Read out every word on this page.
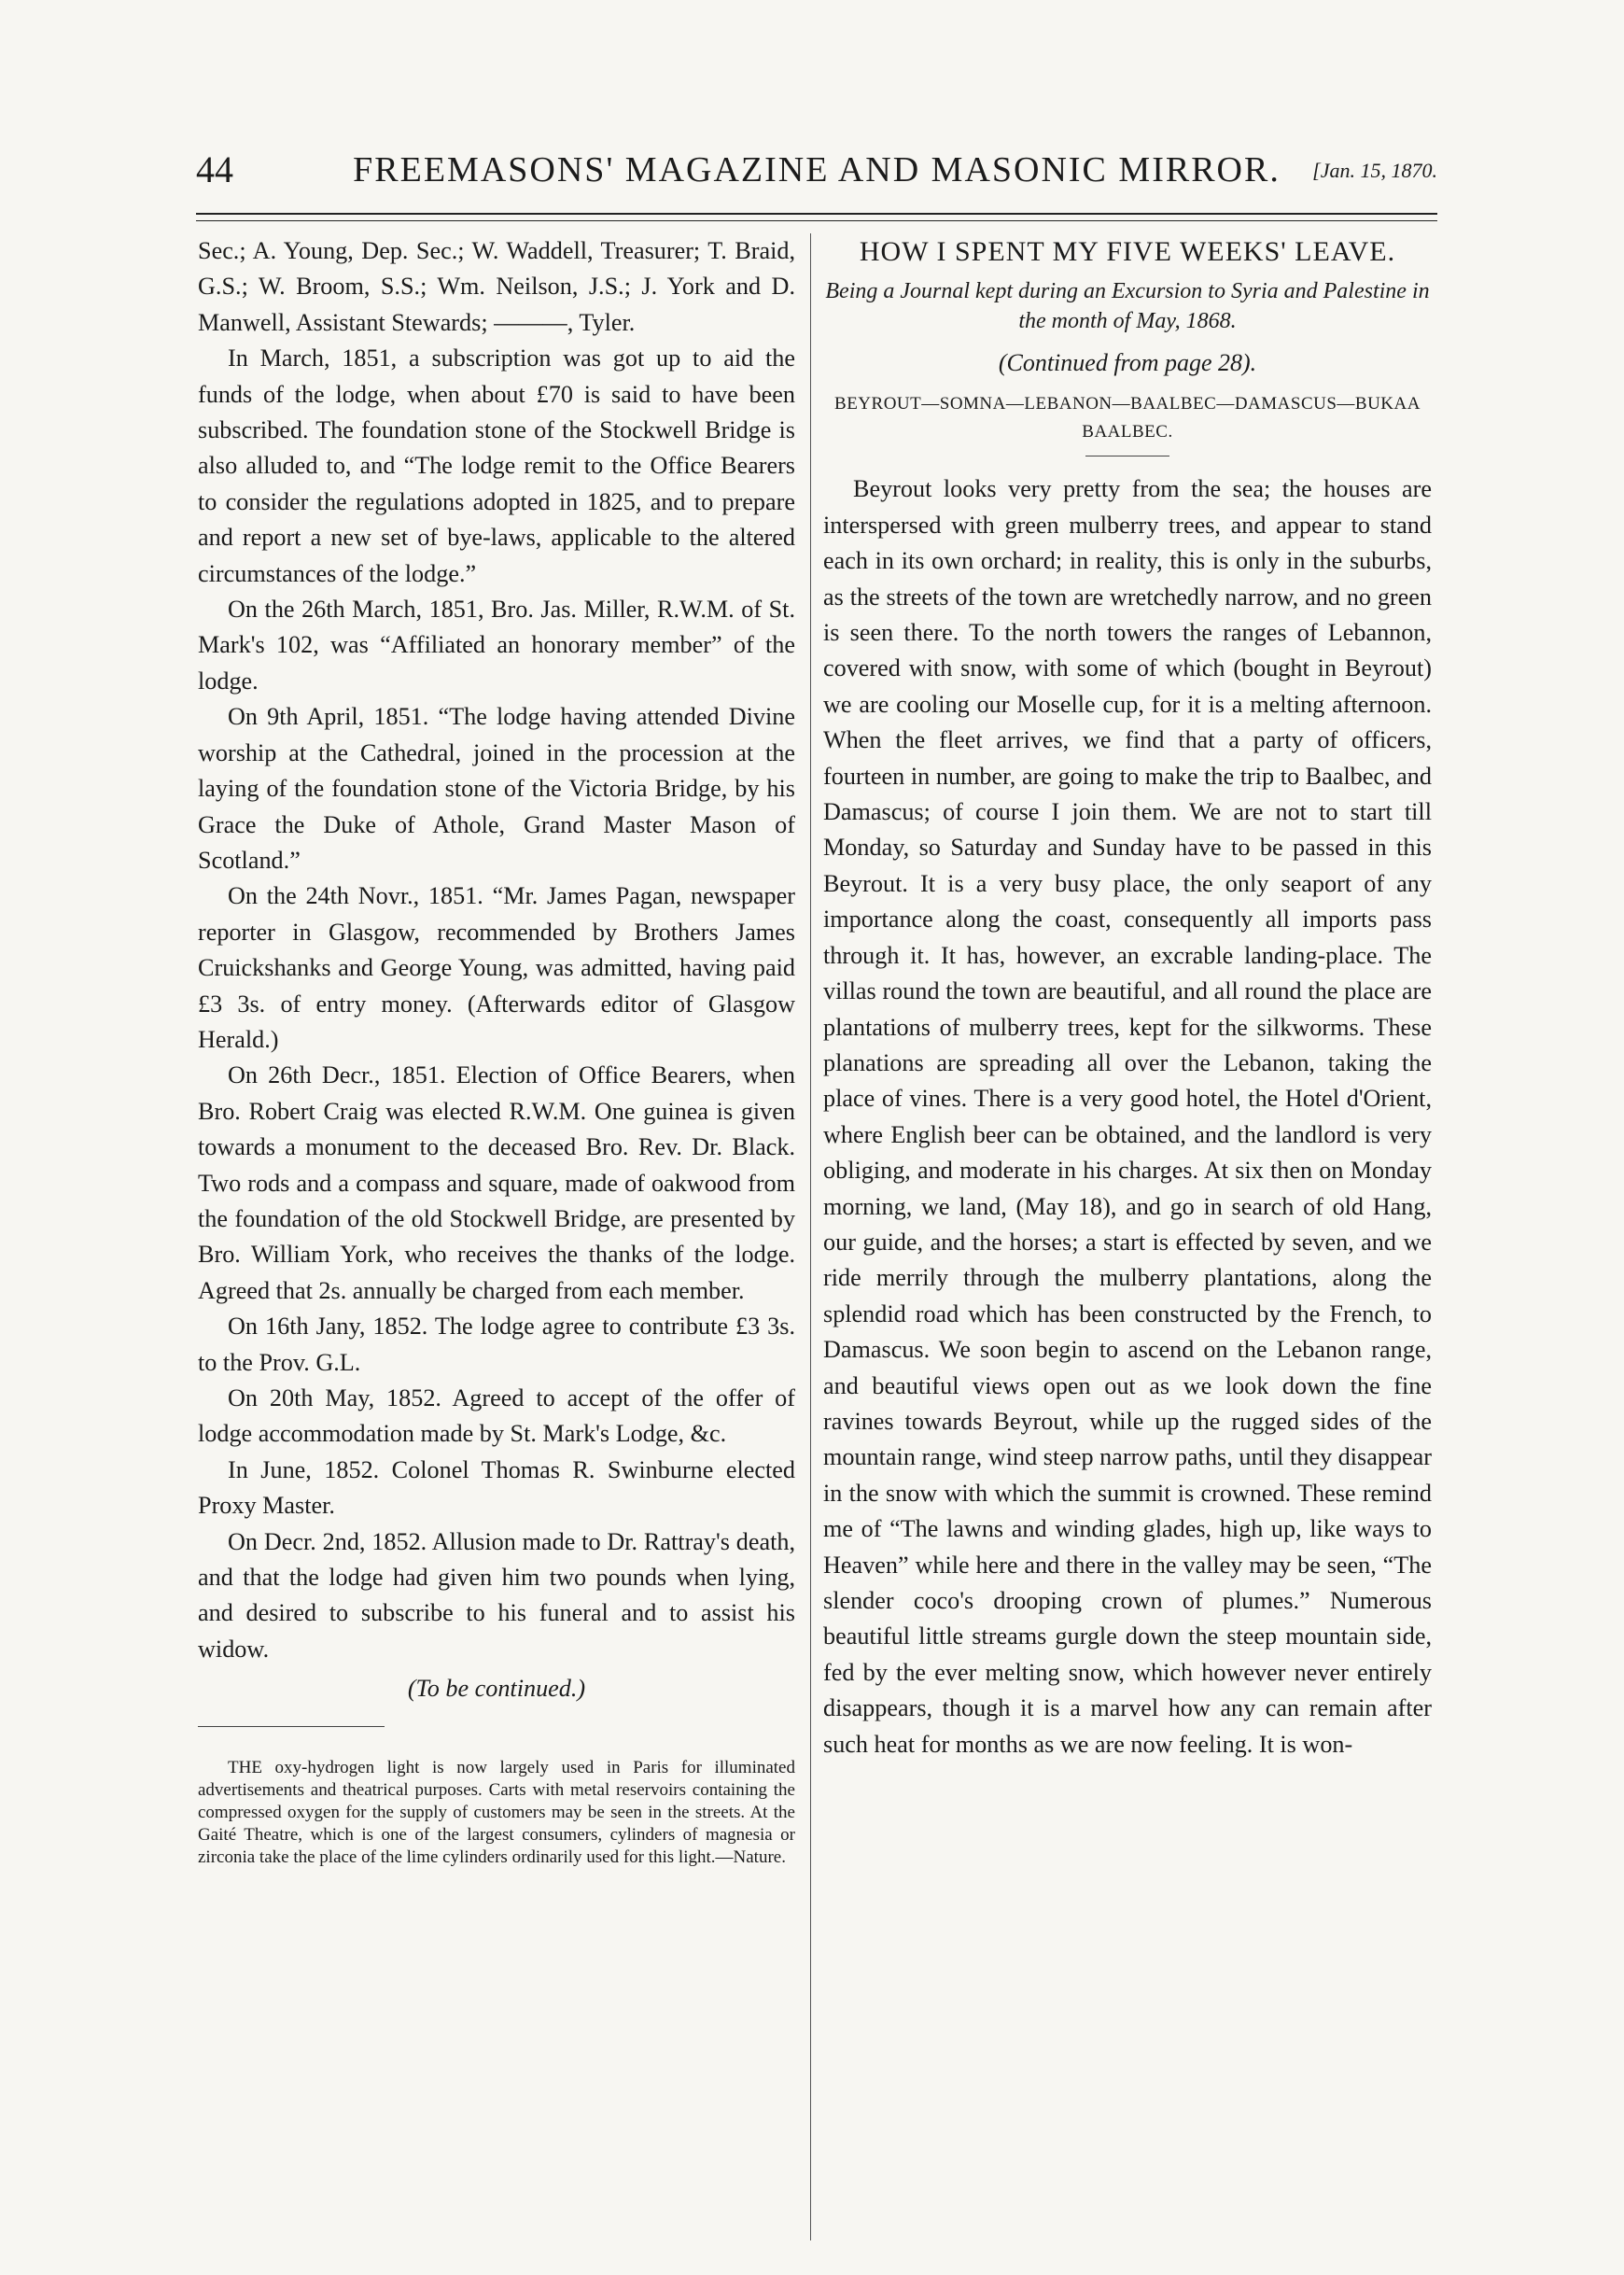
44	FREEMASONS' MAGAZINE AND MASONIC MIRROR.	[Jan. 15, 1870.

Sec.; A. Young, Dep. Sec.; W. Waddell, Treasurer; T. Braid, G.S.; W. Broom, S.S.; Wm. Neilson, J.S.; J. York and D. Manwell, Assistant Stewards; ———, Tyler.

In March, 1851, a subscription was got up to aid the funds of the lodge, when about £70 is said to have been subscribed. The foundation stone of the Stockwell Bridge is also alluded to, and “The lodge remit to the Office Bearers to consider the regulations adopted in 1825, and to prepare and report a new set of bye-laws, applicable to the altered circumstances of the lodge.”

On the 26th March, 1851, Bro. Jas. Miller, R.W.M. of St. Mark's 102, was “Affiliated an honorary member” of the lodge.

On 9th April, 1851. “The lodge having attended Divine worship at the Cathedral, joined in the procession at the laying of the foundation stone of the Victoria Bridge, by his Grace the Duke of Athole, Grand Master Mason of Scotland.”

On the 24th Novr., 1851. “Mr. James Pagan, newspaper reporter in Glasgow, recommended by Brothers James Cruickshanks and George Young, was admitted, having paid £3 3s. of entry money. (Afterwards editor of Glasgow Herald.)

On 26th Decr., 1851. Election of Office Bearers, when Bro. Robert Craig was elected R.W.M. One guinea is given towards a monument to the deceased Bro. Rev. Dr. Black. Two rods and a compass and square, made of oakwood from the foundation of the old Stockwell Bridge, are presented by Bro. William York, who receives the thanks of the lodge. Agreed that 2s. annually be charged from each member.

On 16th Jany, 1852. The lodge agree to contribute £3 3s. to the Prov. G.L.

On 20th May, 1852. Agreed to accept of the offer of lodge accommodation made by St. Mark's Lodge, &c.

In June, 1852. Colonel Thomas R. Swinburne elected Proxy Master.

On Decr. 2nd, 1852. Allusion made to Dr. Rattray's death, and that the lodge had given him two pounds when lying, and desired to subscribe to his funeral and to assist his widow.

(To be continued.)

THE oxy-hydrogen light is now largely used in Paris for illuminated advertisements and theatrical purposes. Carts with metal reservoirs containing the compressed oxygen for the supply of customers may be seen in the streets. At the Gaité Theatre, which is one of the largest consumers, cylinders of magnesia or zirconia take the place of the lime cylinders ordinarily used for this light.—Nature.

HOW I SPENT MY FIVE WEEKS' LEAVE.
Being a Journal kept during an Excursion to Syria and Palestine in the month of May, 1868.
(Continued from page 28).
BEYROUT—SOMNA—LEBANON—BAALBEC—DAMASCUS—BUKAA BAALBEC.

Beyrout looks very pretty from the sea; the houses are interspersed with green mulberry trees, and appear to stand each in its own orchard; in reality, this is only in the suburbs, as the streets of the town are wretchedly narrow, and no green is seen there. To the north towers the ranges of Lebannon, covered with snow, with some of which (bought in Beyrout) we are cooling our Moselle cup, for it is a melting afternoon. When the fleet arrives, we find that a party of officers, fourteen in number, are going to make the trip to Baalbec, and Damascus; of course I join them. We are not to start till Monday, so Saturday and Sunday have to be passed in this Beyrout. It is a very busy place, the only seaport of any importance along the coast, consequently all imports pass through it. It has, however, an excrable landing-place. The villas round the town are beautiful, and all round the place are plantations of mulberry trees, kept for the silkworms. These planations are spreading all over the Lebanon, taking the place of vines. There is a very good hotel, the Hotel d'Orient, where English beer can be obtained, and the landlord is very obliging, and moderate in his charges. At six then on Monday morning, we land, (May 18), and go in search of old Hang, our guide, and the horses; a start is effected by seven, and we ride merrily through the mulberry plantations, along the splendid road which has been constructed by the French, to Damascus. We soon begin to ascend on the Lebanon range, and beautiful views open out as we look down the fine ravines towards Beyrout, while up the rugged sides of the mountain range, wind steep narrow paths, until they disappear in the snow with which the summit is crowned. These remind me of “The lawns and winding glades, high up, like ways to Heaven” while here and there in the valley may be seen, “The slender coco's drooping crown of plumes.” Numerous beautiful little streams gurgle down the steep mountain side, fed by the ever melting snow, which however never entirely disappears, though it is a marvel how any can remain after such heat for months as we are now feeling. It is won-
